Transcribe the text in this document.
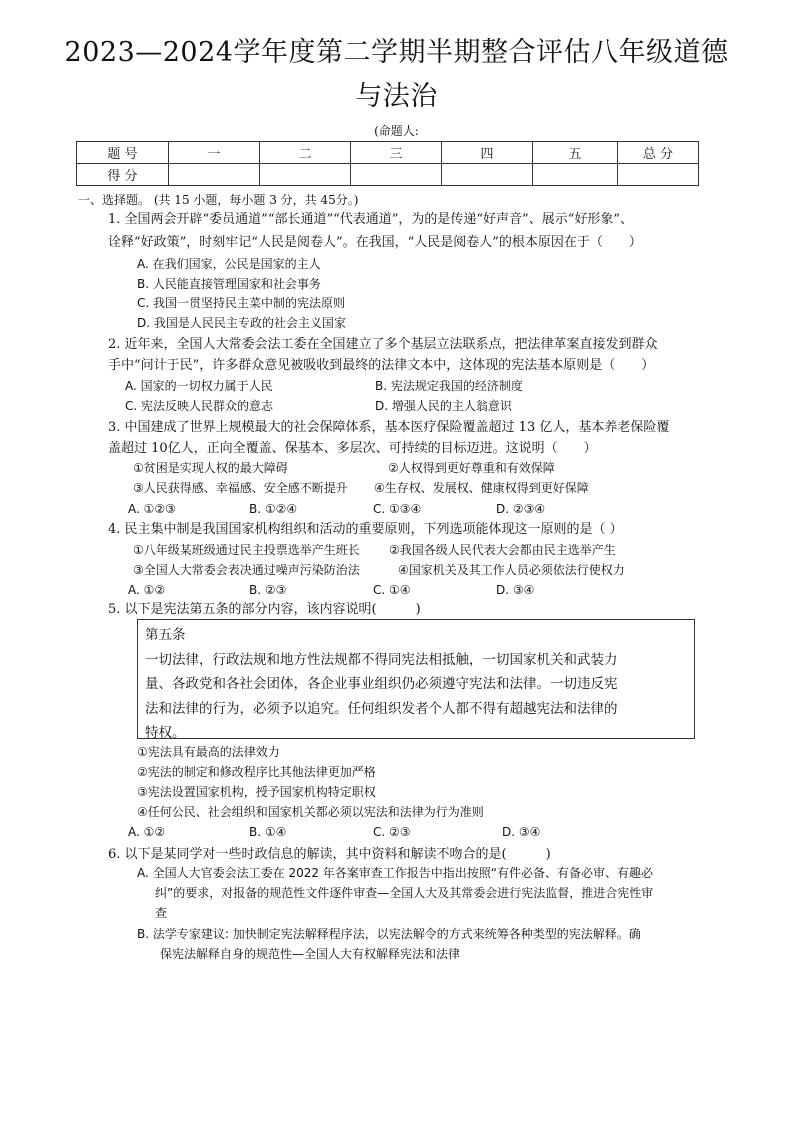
2023—2024学年度第二学期半期整合评估八年级道德
与法治
(命题人:
题 号	一	二	三	四	五	总 分
得 分						
一、选择题。 (共 15 小题，每小题 3 分，共 45分。)
1. 全国两会开辟“委员通道”“部长通道”“代表通道”，为的是传递“好声音”、展示“好形象”、
诠释“好政策”，时刻牢记“人民是阅卷人”。在我国，“人民是阅卷人”的根本原因在于（　　）
A. 在我们国家，公民是国家的主人
B. 人民能直接管理国家和社会事务
C. 我国一贯坚持民主菜中制的宪法原则
D. 我国是人民民主专政的社会主义国家
2. 近年来，全国人大常委会法工委在全国建立了多个基层立法联系点，把法律革案直接发到群众
手中“问计于民”，许多群众意见被吸收到最终的法律文本中，这体现的宪法基本原则是（　　）
A. 国家的一切权力属于人民	B. 宪法规定我国的经济制度
C. 宪法反映人民群众的意志	D. 增强人民的主人翁意识
3. 中国建成了世界上规模最大的社会保障体系，基本医疗保险覆盖超过 13 亿人，基本养老保险覆
盖超过 10亿人，正向全覆盖、保基本、多层次、可持续的目标迈进。这说明（　　）
①贫困是实现人权的最大障碍	②人权得到更好尊重和有效保障
③人民获得感、幸福感、安全感不断提升 ④生存权、发展权、健康权得到更好保障
A. ①②③	B. ①②④	C. ①③④	D. ②③④
4. 民主集中制是我国国家机构组织和活动的重要原则，下列选项能体现这一原则的是（ ）
①八年级某班级通过民主投票选举产生班长 ②我国各级人民代表大会都由民主选举产生
③全国人大常委会表决通过噪声污染防治法	④国家机关及其工作人员必须依法行使权力
A. ①②	B. ②③	C. ①④	D. ③④
5. 以下是宪法第五条的部分内容，该内容说明(　　　)
第五条
一切法律，行政法规和地方性法规都不得同宪法相抵触，一切国家机关和武装力
量、各政党和各社会团体，各企业事业组织仍必须遵守宪法和法律。一切违反宪
法和法律的行为，必须予以追究。任何组织发者个人都不得有超越宪法和法律的
特权。
①宪法具有最高的法律效力
②宪法的制定和修改程序比其他法律更加严格
③宪法设置国家机构，授予国家机构特定职权
④任何公民、社会组织和国家机关都必须以宪法和法律为行为准则
A. ①②	B. ①④	C. ②③	D. ③④
6. 以下是某同学对一些时政信息的解读，其中资料和解读不吻合的是(　　　)
A. 全国人大官委会法工委在 2022 年各案审查工作报告中指出按照“有件必备、有备必审、有趣必
纠”的要求，对报备的规范性文件逐件审查—全国人大及其常委会进行宪法监督，推进合宪性审
查
B. 法学专家建议: 加快制定宪法解释程序法，以宪法解令的方式来统筹各种类型的宪法解释。确
保宪法解释自身的规范性—全国人大有权解释宪法和法律
